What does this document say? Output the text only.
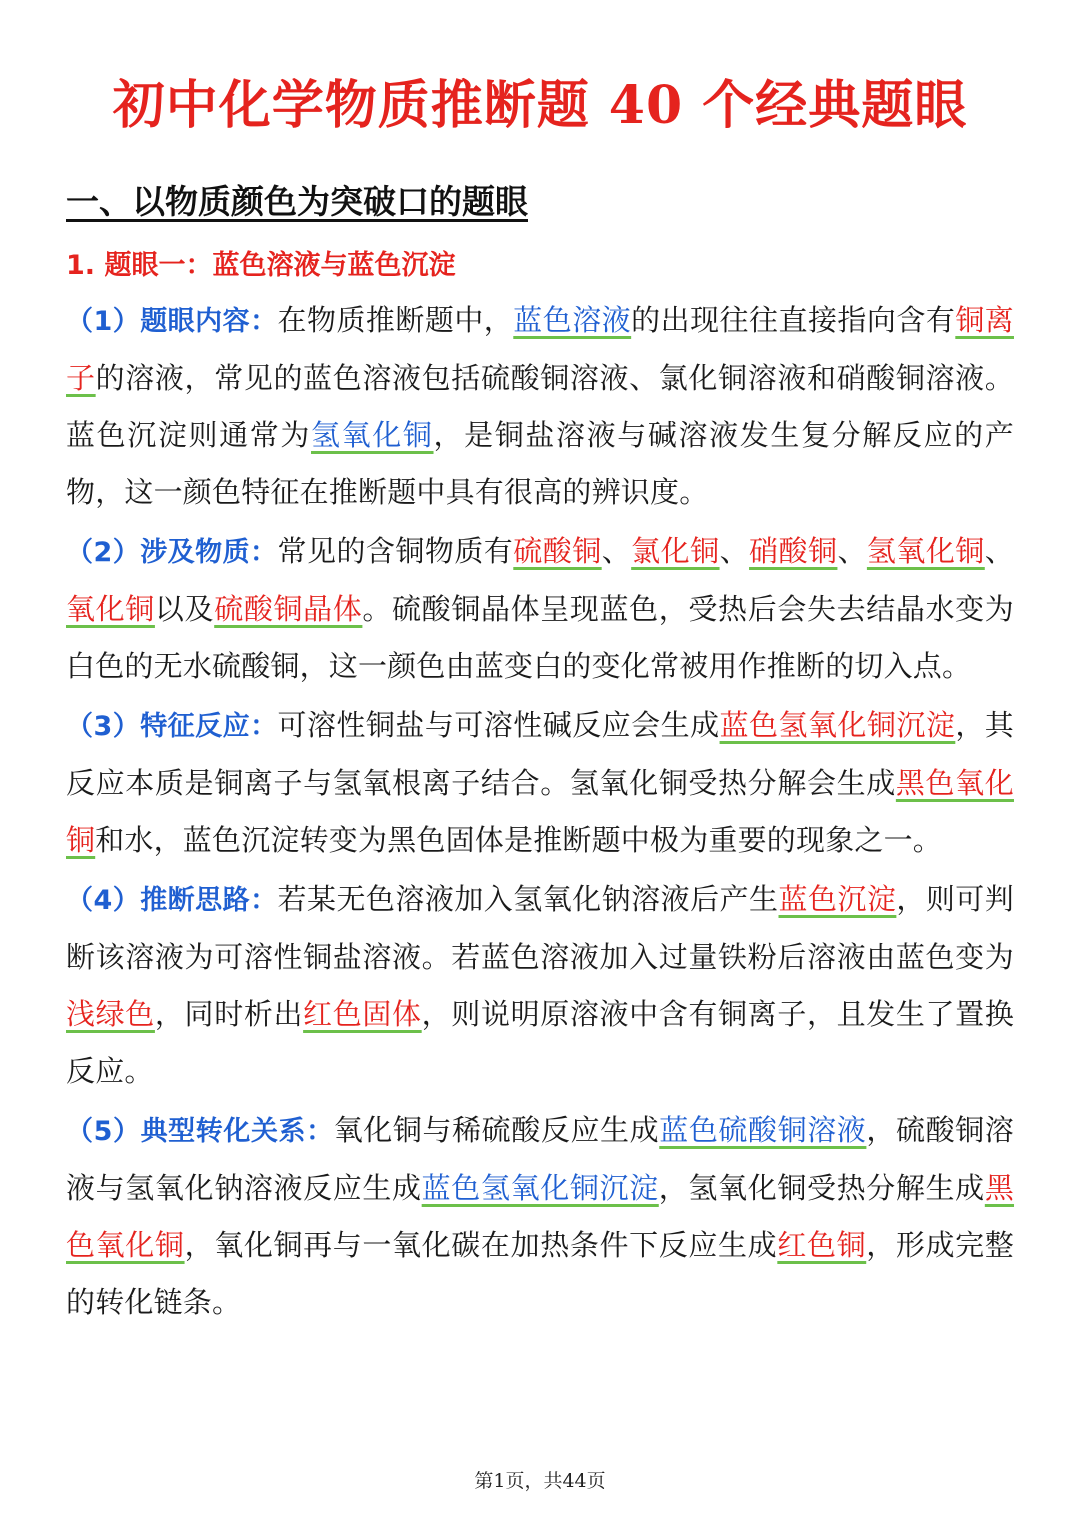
初中化学物质推断题 40 个经典题眼
一、以物质颜色为突破口的题眼
1. 题眼一：蓝色溶液与蓝色沉淀

（1）题眼内容：在物质推断题中，蓝色溶液的出现往往直接指向含有铜离子的溶液，常见的蓝色溶液包括硫酸铜溶液、氯化铜溶液和硝酸铜溶液。蓝色沉淀则通常为氢氧化铜，是铜盐溶液与碱溶液发生复分解反应的产物，这一颜色特征在推断题中具有很高的辨识度。

（2）涉及物质：常见的含铜物质有硫酸铜、氯化铜、硝酸铜、氢氧化铜、氧化铜以及硫酸铜晶体。硫酸铜晶体呈现蓝色，受热后会失去结晶水变为白色的无水硫酸铜，这一颜色由蓝变白的变化常被用作推断的切入点。

（3）特征反应：可溶性铜盐与可溶性碱反应会生成蓝色氢氧化铜沉淀，其反应本质是铜离子与氢氧根离子结合。氢氧化铜受热分解会生成黑色氧化铜和水，蓝色沉淀转变为黑色固体是推断题中极为重要的现象之一。

（4）推断思路：若某无色溶液加入氢氧化钠溶液后产生蓝色沉淀，则可判断该溶液为可溶性铜盐溶液。若蓝色溶液加入过量铁粉后溶液由蓝色变为浅绿色，同时析出红色固体，则说明原溶液中含有铜离子，且发生了置换反应。

（5）典型转化关系：氧化铜与稀硫酸反应生成蓝色硫酸铜溶液，硫酸铜溶液与氢氧化钠溶液反应生成蓝色氢氧化铜沉淀，氢氧化铜受热分解生成黑色氧化铜，氧化铜再与一氧化碳在加热条件下反应生成红色铜，形成完整的转化链条。

第1页，共44页
